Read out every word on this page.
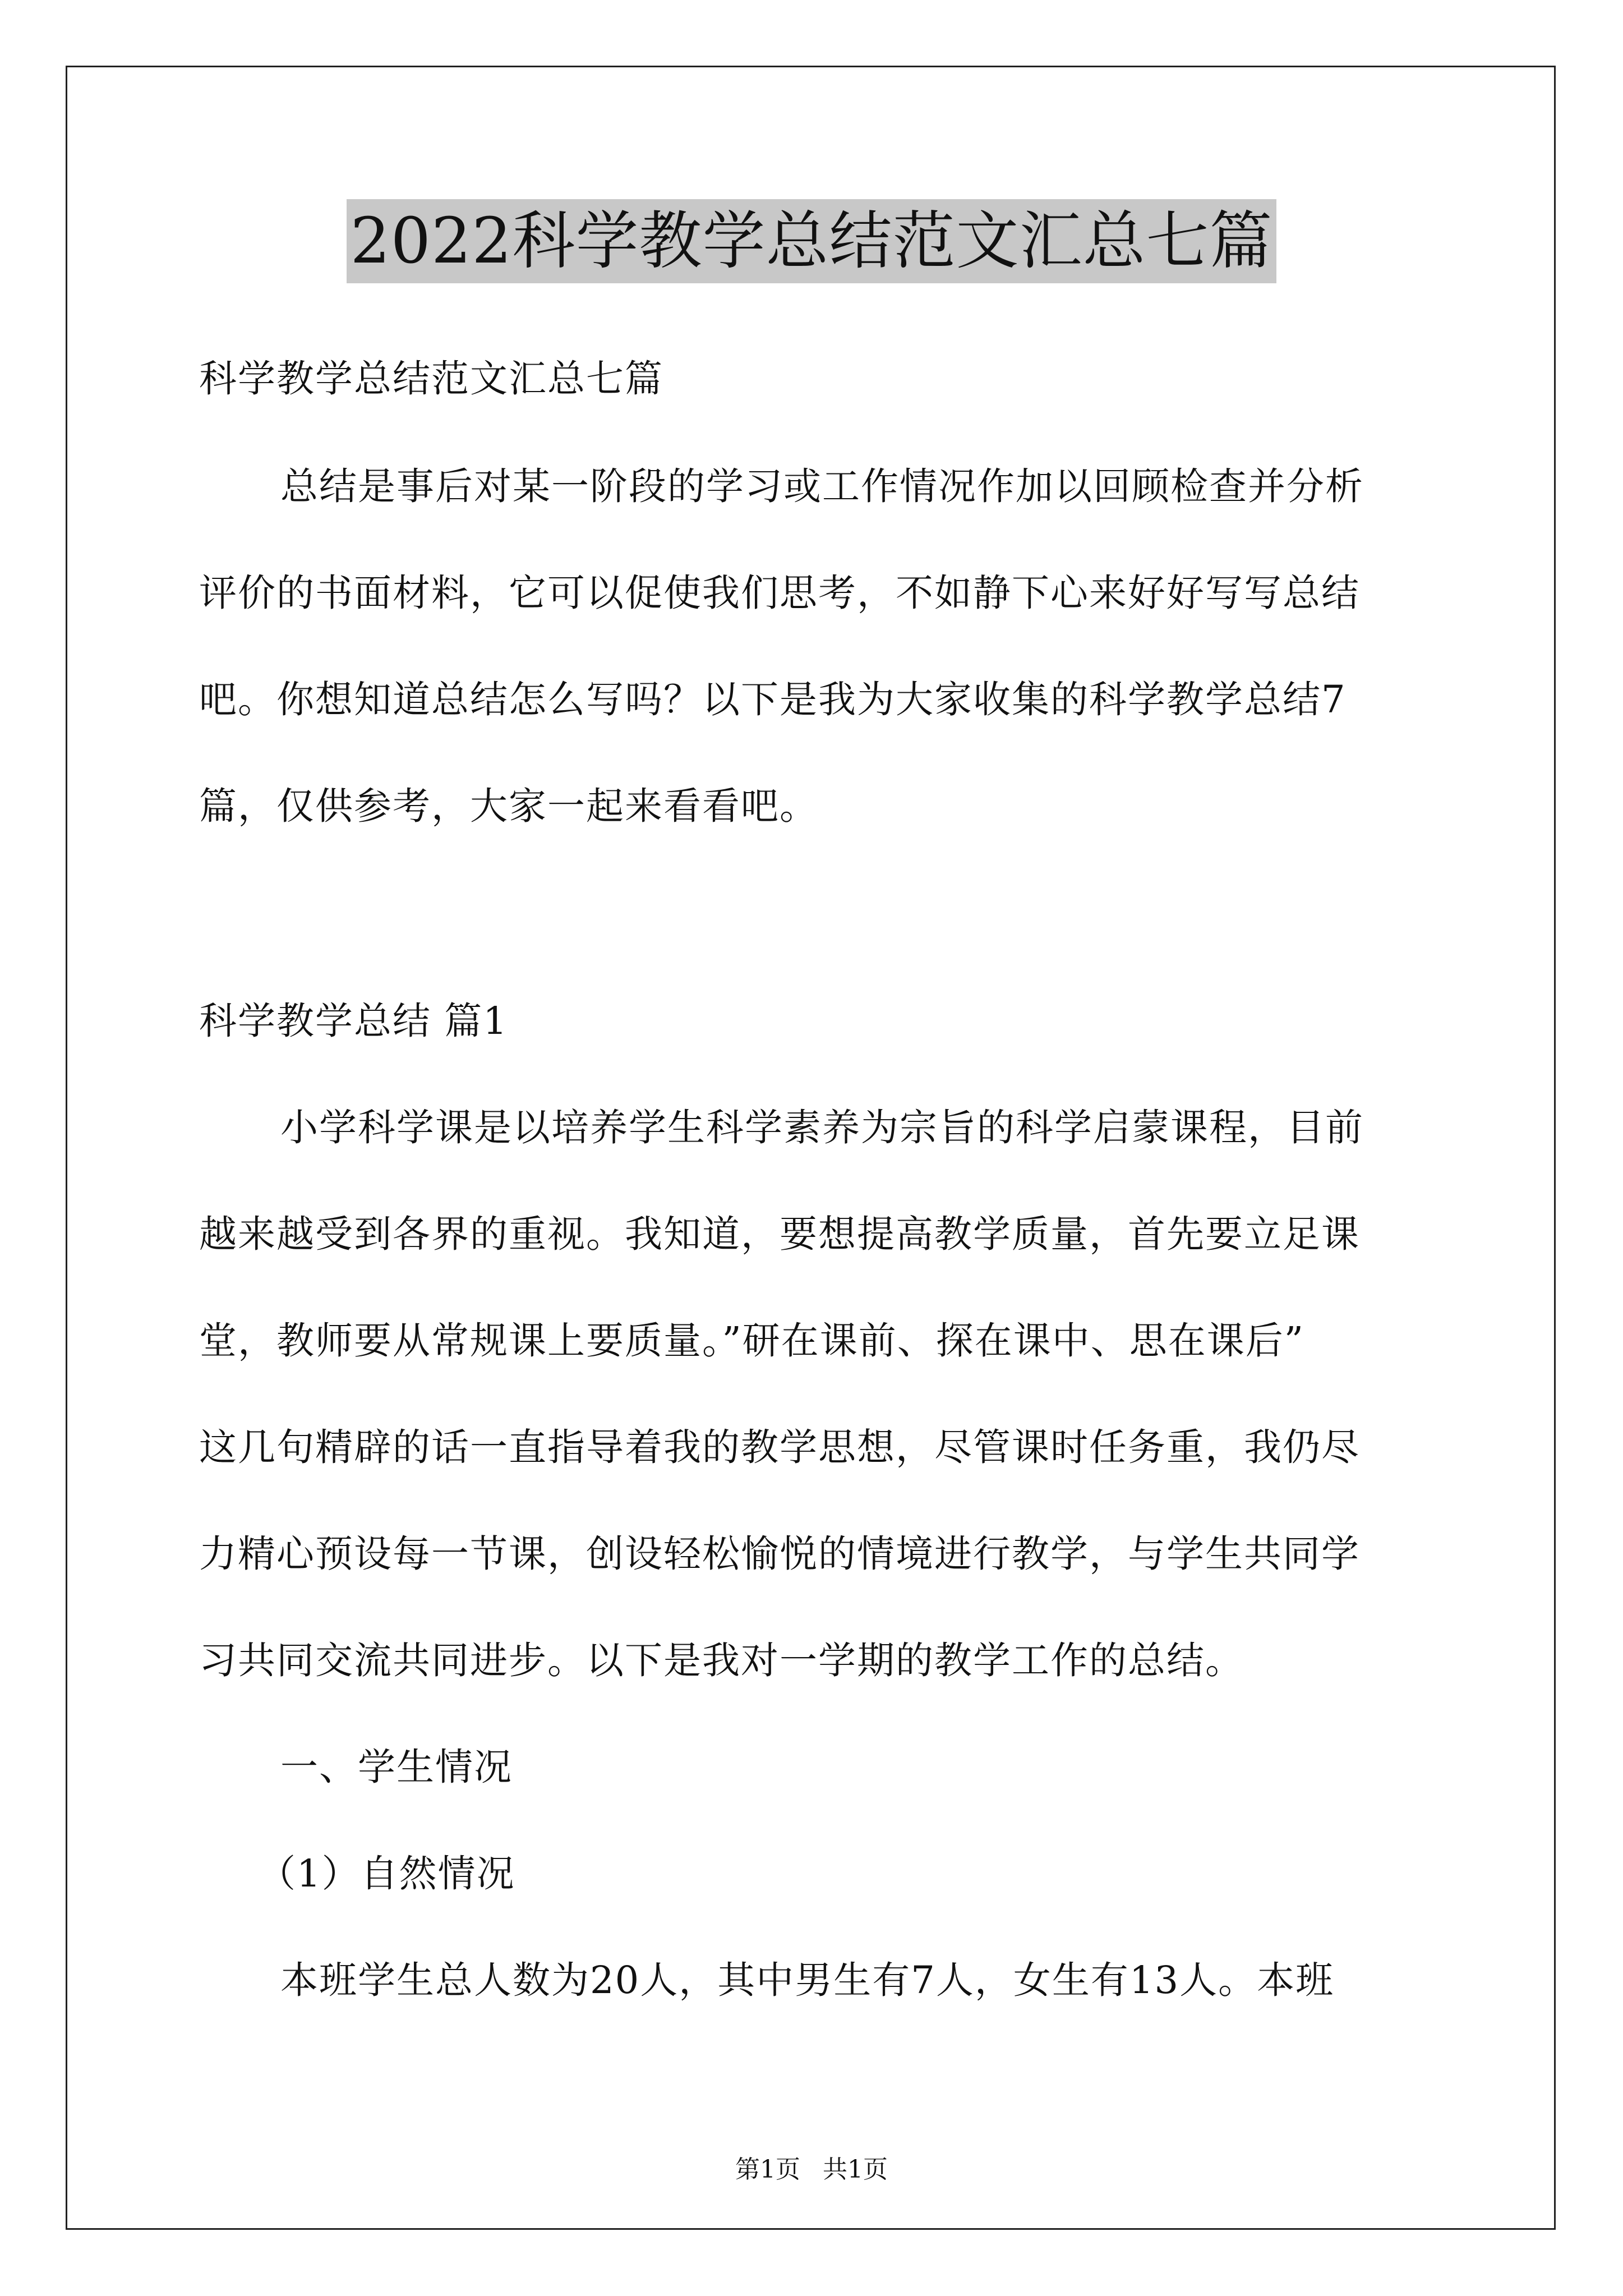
2022科学教学总结范文汇总七篇
科学教学总结范文汇总七篇
总结是事后对某一阶段的学习或工作情况作加以回顾检查并分析
评价的书面材料，它可以促使我们思考，不如静下心来好好写写总结
吧。你想知道总结怎么写吗？以下是我为大家收集的科学教学总结7
篇，仅供参考，大家一起来看看吧。
科学教学总结 篇1
小学科学课是以培养学生科学素养为宗旨的科学启蒙课程，目前
越来越受到各界的重视。我知道，要想提高教学质量，首先要立足课
堂，教师要从常规课上要质量。”研在课前、探在课中、思在课后”
这几句精辟的话一直指导着我的教学思想，尽管课时任务重，我仍尽
力精心预设每一节课，创设轻松愉悦的情境进行教学，与学生共同学
习共同交流共同进步。以下是我对一学期的教学工作的总结。
一、学生情况
（1）自然情况
本班学生总人数为20人，其中男生有7人，女生有13人。本班
第1页 共1页
